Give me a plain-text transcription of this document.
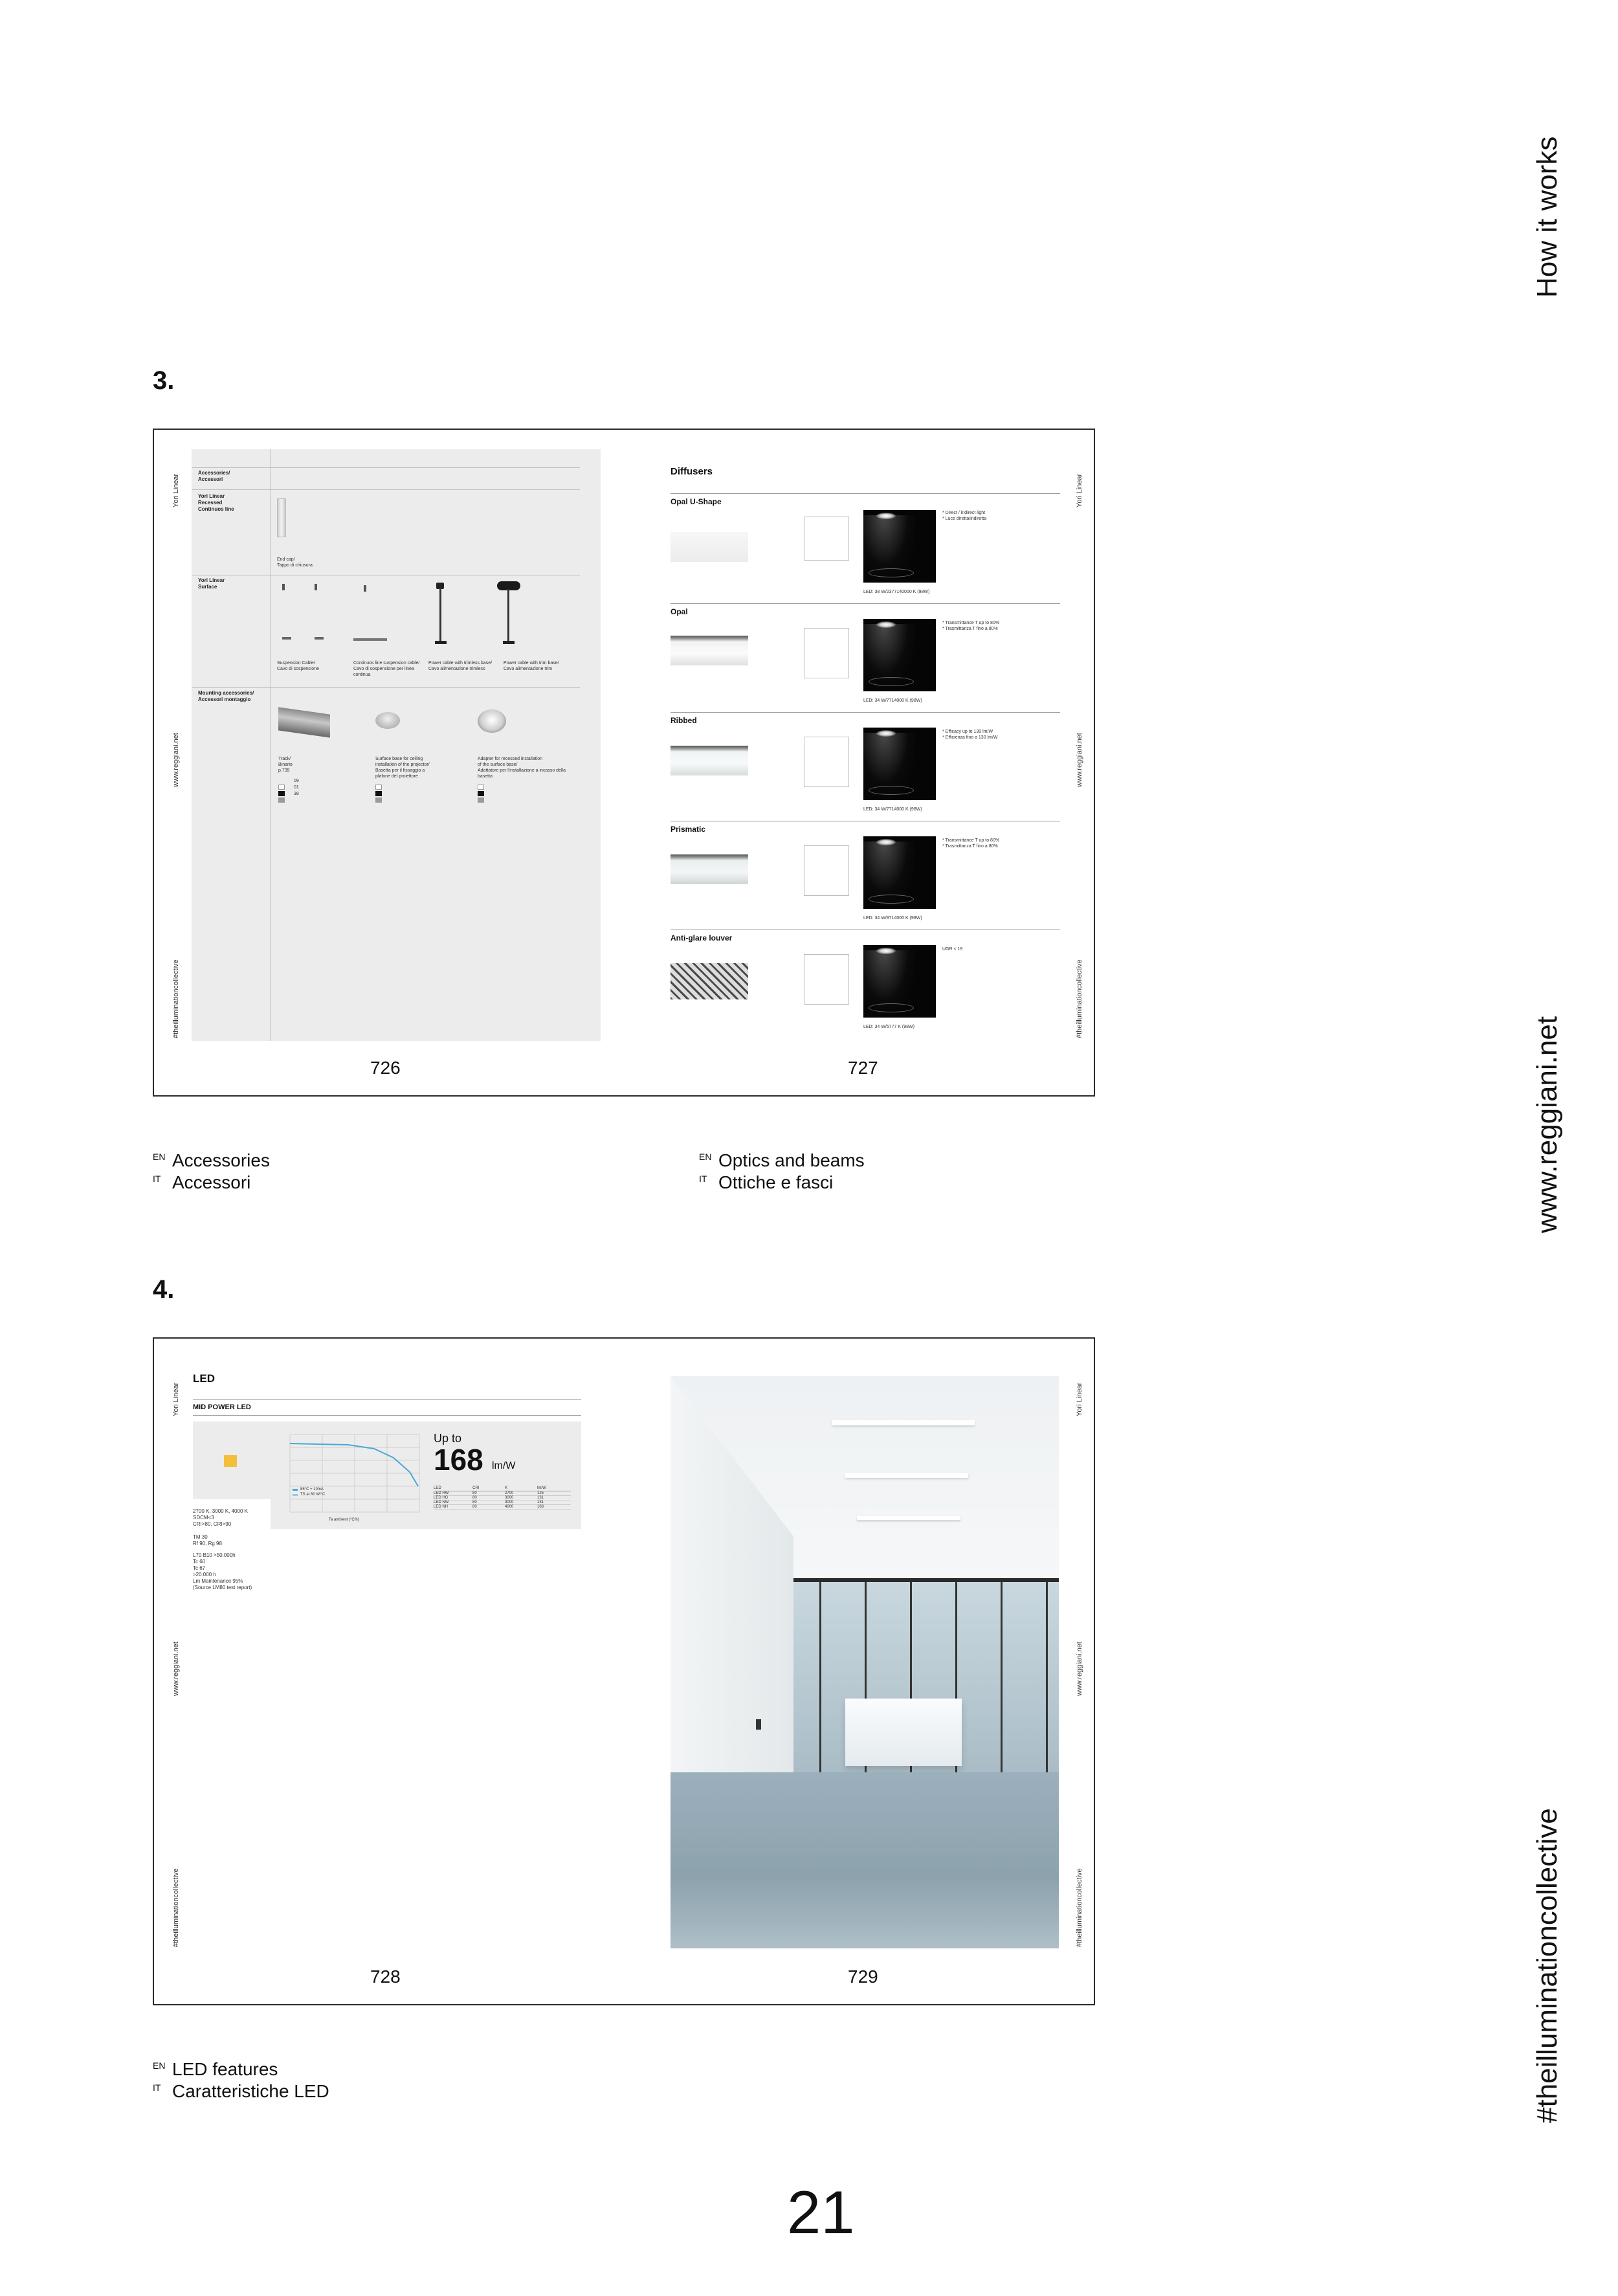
How it works
www.reggiani.net
#theilluminationcollective
3.
Yori Linear
www.reggiani.net
#theilluminationcollective
Accessories/
Accessori
Yori Linear
Recessed
Continuos line
End cap/
Tappo di chiusura
Yori Linear
Surface
Suspension Cable/
Cavo di sospensione
Continuos line suspension cable/
Cavo di sospensione per linea
continua
Power cable with trimless base/
Cavo alimentazione trimless
Power cable with trim base/
Cavo alimentazione trim
Mounting accessories/
Accessori montaggio
Track/
Binario
p.735
Surface base for ceiling
installation of the projector/
Basetta per il fissaggio a
plafone del proiettore
Adapter for recessed installation
of the surface base/
Adattatore per l'installazione a incasso della
basetta
09
01
38
726
Yori Linear
www.reggiani.net
#theilluminationcollective
Diffusers
Opal U-Shape
* Direct / indirect light
* Luce diretta/indiretta
LED: 38 W/2377140000 K (98W)
Opal
* Transmittance T up to 80%
* Trasmittanza T fino a 80%
LED: 34 W/7714000 K (98W)
Ribbed
* Efficacy up to 130 lm/W
* Efficienza fino a 130 lm/W
LED: 34 W/7714000 K (98W)
Prismatic
* Transmittance T up to 80%
* Trasmittanza T fino a 80%
LED: 34 W/8714000 K (98W)
Anti-glare louver
UGR < 19
LED: 34 W/6777 K (98W)
727
EN Accessories
IT Accessori
EN Optics and beams
IT Ottiche e fasci
4.
Yori Linear
www.reggiani.net
#theilluminationcollective
LED
MID POWER LED
2700 K, 3000 K, 4000 K
SDCM<3
CRI>80, CRI>90
TM 30
Rf 90, Rg 98
L70 B10 >50.000h
Tc 60
Tc 67
>20.000 h
Lm Maintenance 95%
(Source LM80 test report)
85°C + 10mA
TS at 60 W/°C
Ta ambient (°C/h)
Up to
168 lm/W
LED	CRI	K	lm/W
LED HW	80	2700	125
LED HG	80	3000	131
LED NW	80	3000	131
LED NH	80	4000	168
728
Yori Linear
www.reggiani.net
#theilluminationcollective
729
EN LED features
IT Caratteristiche LED
21
